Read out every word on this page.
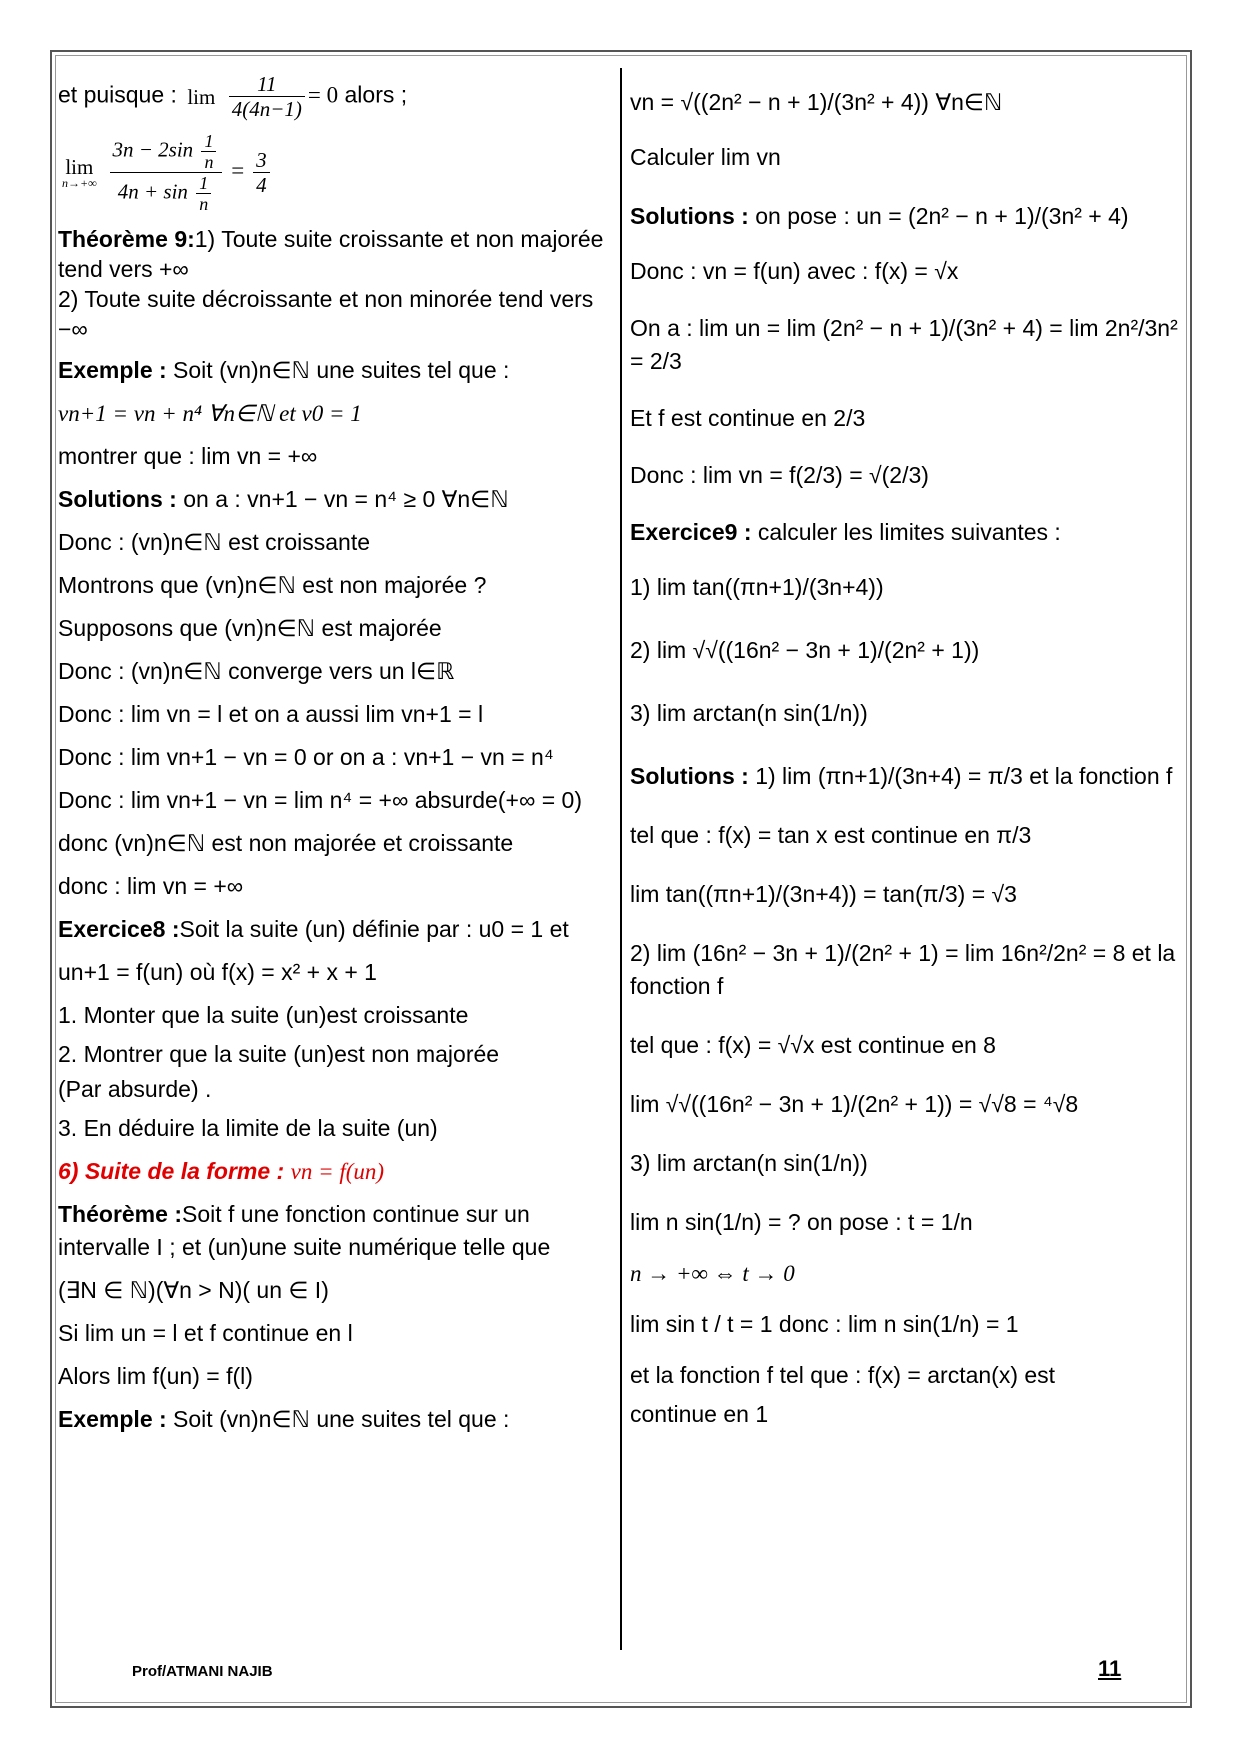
et puisque : lim
$\frac{11}{4(4n-1)} = 0$ alors ;

lim
n→+∞
$\frac{3n - 2\sin \frac{1}{n}}{4n + \sin \frac{1}{n}} = \frac{3}{4}$

Théorème 9:1) Toute suite croissante et non majorée tend vers +∞
2) Toute suite décroissante et non minorée tend vers −∞

Exemple : Soit (vn)n∈ℕ une suites tel que :

vn+1 = vn + n⁴ ∀n∈ℕ et v0 = 1

montrer que : lim vn = +∞

Solutions : on a : vn+1 − vn = n⁴ ≥ 0 ∀n∈ℕ

Donc : (vn)n∈ℕ est croissante

Montrons que (vn)n∈ℕ est non majorée ?

Supposons que (vn)n∈ℕ est majorée

Donc : (vn)n∈ℕ converge vers un l∈ℝ

Donc : lim vn = l et on a aussi lim vn+1 = l

Donc : lim vn+1 − vn = 0 or on a : vn+1 − vn = n⁴

Donc : lim vn+1 − vn = lim n⁴ = +∞ absurde(+∞ = 0)

donc (vn)n∈ℕ est non majorée et croissante

donc : lim vn = +∞

Exercice8 :Soit la suite (un) définie par : u0 = 1 et

un+1 = f(un) où f(x) = x² + x + 1

1. Monter que la suite (un)est croissante

2. Montrer que la suite (un)est non majorée

(Par absurde) .

3. En déduire la limite de la suite (un)

6) Suite de la forme : vn = f(un)

Théorème :Soit f une fonction continue sur un intervalle I ; et (un)une suite numérique telle que

(∃N ∈ ℕ)(∀n > N)( un ∈ I)

Si lim un = l et f continue en l

Alors lim f(un) = f(l)

Exemple : Soit (vn)n∈ℕ une suites tel que :

vn = √((2n² − n + 1)/(3n² + 4)) ∀n∈ℕ

Calculer lim vn

Solutions : on pose : un = (2n² − n + 1)/(3n² + 4)

Donc : vn = f(un) avec : f(x) = √x

On a : lim un = lim (2n² − n + 1)/(3n² + 4) = lim 2n²/3n² = 2/3

Et f est continue en 2/3

Donc : lim vn = f(2/3) = √(2/3)

Exercice9 : calculer les limites suivantes :

1) lim tan((πn+1)/(3n+4))

2) lim √√((16n² − 3n + 1)/(2n² + 1))

3) lim arctan(n sin(1/n))

Solutions : 1) lim (πn+1)/(3n+4) = π/3 et la fonction f

tel que : f(x) = tan x est continue en π/3

lim tan((πn+1)/(3n+4)) = tan(π/3) = √3

2) lim (16n² − 3n + 1)/(2n² + 1) = lim 16n²/2n² = 8 et la fonction f

tel que : f(x) = √√x est continue en 8

lim √√((16n² − 3n + 1)/(2n² + 1)) = √√8 = ⁴√8

3) lim arctan(n sin(1/n))

lim n sin(1/n) = ? on pose : t = 1/n

n → +∞ ⇔ t → 0

lim sin t / t = 1 donc : lim n sin(1/n) = 1

et la fonction f tel que : f(x) = arctan(x) est

continue en 1

Prof/ATMANI NAJIB	11
